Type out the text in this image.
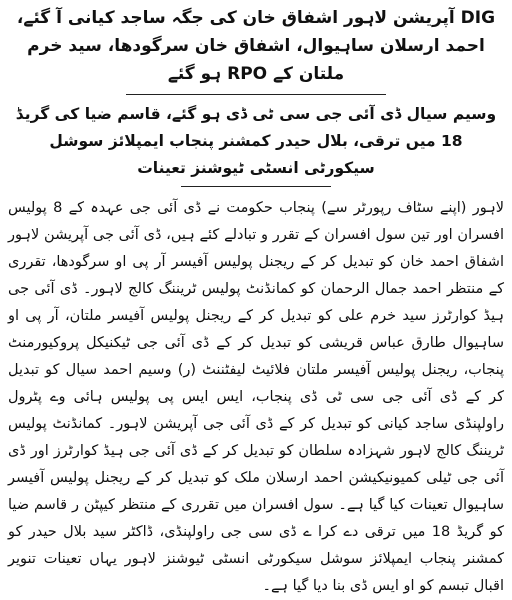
DIG آپریشن لاہور اشفاق خان کی جگہ ساجد کیانی آ گئے، احمد ارسلان ساہیوال، اشفاق خان سرگودھا، سید خرم ملتان کے RPO ہو گئے
وسیم سیال ڈی آئی جی سی ٹی ڈی ہو گئے، قاسم ضیا کی گریڈ 18 میں ترقی، بلال حیدر کمشنر پنجاب ایمپلائز سوشل سیکورٹی انسٹی ٹیوشنز تعینات

لاہور (اپنے سٹاف رپورٹر سے) پنجاب حکومت نے ڈی آئی جی عہدہ کے 8 پولیس افسران اور تین سول افسران کے تقرر و تبادلے کئے ہیں، ڈی آئی جی آپریشن لاہور اشفاق احمد خان کو تبدیل کر کے ریجنل پولیس آفیسر آر پی او سرگودھا، تقرری کے منتظر احمد جمال الرحمان کو کمانڈنٹ پولیس ٹریننگ کالج لاہور۔ ڈی آئی جی ہیڈ کوارٹرز سید خرم علی کو تبدیل کر کے ریجنل پولیس آفیسر ملتان، آر پی او ساہیوال طارق عباس قریشی کو تبدیل کر کے ڈی آئی جی ٹیکنیکل پروکیورمنٹ پنجاب، ریجنل پولیس آفیسر ملتان فلائیٹ لیفٹننٹ (ر) وسیم احمد سیال کو تبدیل کر کے ڈی آئی جی سی ٹی ڈی پنجاب، ایس ایس پی پولیس ہائی وے پٹرول راولپنڈی ساجد کیانی کو تبدیل کر کے ڈی آئی جی آپریشن لاہور۔ کمانڈنٹ پولیس ٹریننگ کالج لاہور شہزادہ سلطان کو تبدیل کر کے ڈی آئی جی ہیڈ کوارٹرز اور ڈی آئی جی ٹیلی کمیونیکیشن احمد ارسلان ملک کو تبدیل کر کے ریجنل پولیس آفیسر ساہیوال تعینات کیا گیا ہے۔ سول افسران میں تقرری کے منتظر کیپٹن ر قاسم ضیا کو گریڈ 18 میں ترقی دے کرا ے ڈی سی جی راولپنڈی، ڈاکٹر سید بلال حیدر کو کمشنر پنجاب ایمپلائز سوشل سیکورٹی انسٹی ٹیوشنز لاہور یہاں تعینات تنویر اقبال تبسم کو او ایس ڈی بنا دیا گیا ہے۔
